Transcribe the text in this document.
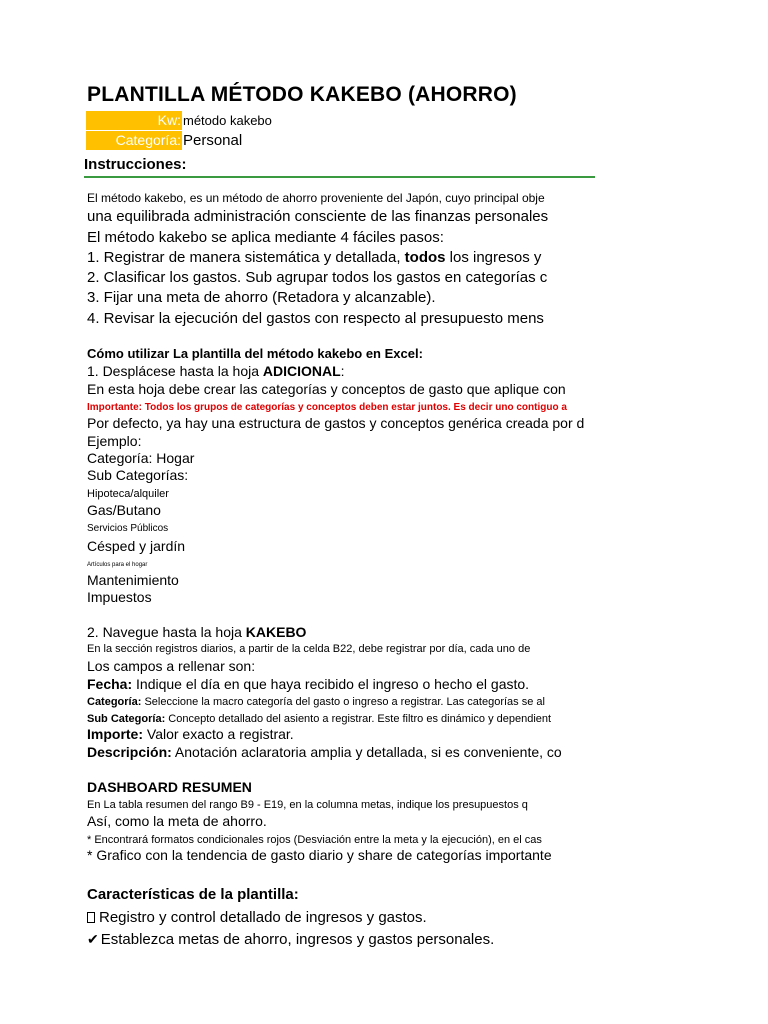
PLANTILLA MÉTODO KAKEBO (AHORRO)
Kw: método kakebo
Categoría: Personal
Instrucciones:
El método kakebo, es un método de ahorro proveniente del Japón, cuyo principal obje
una equilibrada administración consciente de las finanzas personales
El método kakebo se aplica mediante 4 fáciles pasos:
1. Registrar de manera sistemática y detallada, todos los ingresos y
2. Clasificar los gastos. Sub agrupar todos los gastos en categorías c
3. Fijar una meta de ahorro (Retadora y alcanzable).
4. Revisar la ejecución del gastos con respecto al presupuesto mens
Cómo utilizar La plantilla del método kakebo en Excel:
1. Desplácese hasta la hoja ADICIONAL:
En esta hoja debe crear las categorías y conceptos de gasto que aplique con
Importante: Todos los grupos de categorías y conceptos deben estar juntos. Es decir uno contiguo a
Por defecto, ya hay una estructura de gastos y conceptos genérica creada por d
Ejemplo:
Categoría: Hogar
Sub Categorías:
Hipoteca/alquiler
Gas/Butano
Servicios Públicos
Césped y jardín
Artículos para el hogar
Mantenimiento
Impuestos
2. Navegue hasta la hoja KAKEBO
En la sección registros diarios, a partir de la celda B22, debe registrar por día, cada uno de
Los campos a rellenar son:
Fecha: Indique el día en que haya recibido el ingreso o hecho el gasto.
Categoría: Seleccione la macro categoría del gasto o ingreso a registrar. Las categorías se al
Sub Categoría: Concepto detallado del asiento a registrar. Este filtro es dinámico y dependient
Importe: Valor exacto a registrar.
Descripción: Anotación aclaratoria amplia y detallada, si es conveniente, co
DASHBOARD RESUMEN
En La tabla resumen del rango B9 - E19, en la columna metas, indique los presupuestos q
Así, como la meta de ahorro.
* Encontrará formatos condicionales rojos (Desviación entre la meta y la ejecución), en el cas
* Grafico con la tendencia de gasto diario y share de categorías importante
Características de la plantilla:
Registro y control detallado de ingresos y gastos.
✔ Establezca metas de ahorro, ingresos y gastos personales.
